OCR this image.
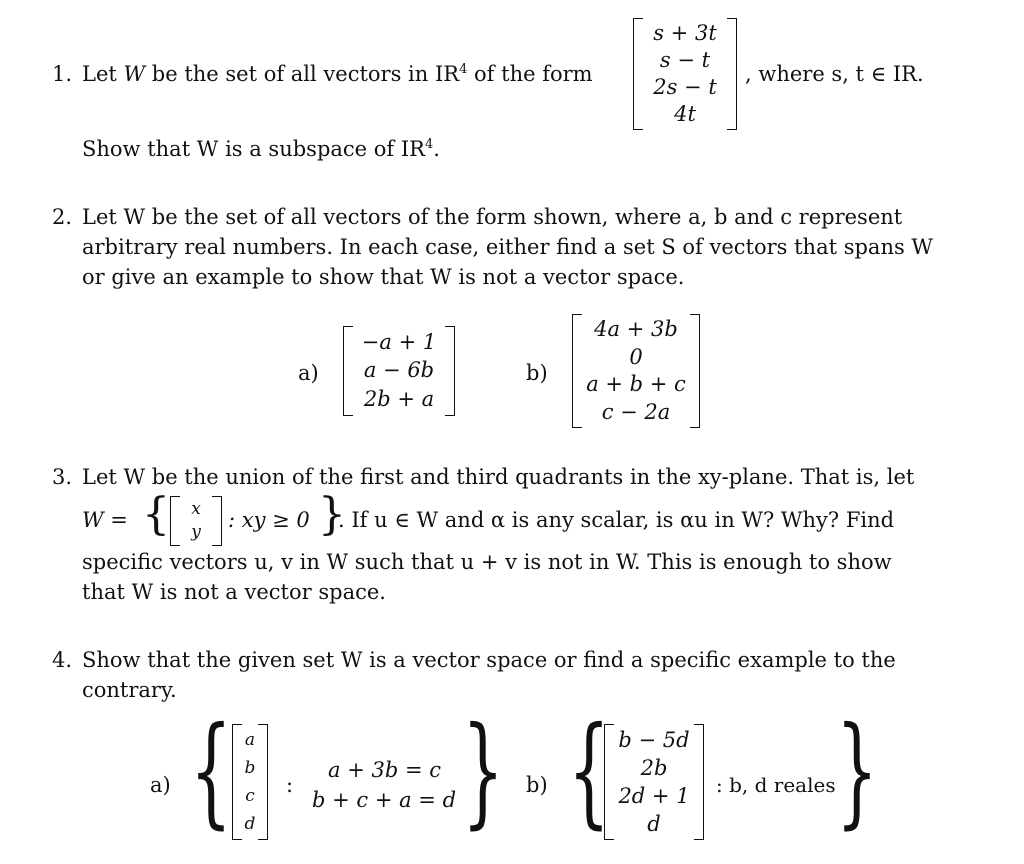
1. Let W be the set of all vectors in $IR^4$ of the form
s + 3t
s − t
2s − t
4t
, where s, t ∈ IR.
Show that W is a subspace of $IR^4$.
2. Let W be the set of all vectors of the form shown, where a, b and c represent
arbitrary real numbers. In each case, either find a set S of vectors that spans W
or give an example to show that W is not a vector space.
a)
−a + 1
a − 6b
2b + a
b)
4a + 3b
0
a + b + c
c − 2a
3. Let W be the union of the first and third quadrants in the xy-plane. That is, let
W = { x
y : xy ≥ 0 }
. If u ∈ W and α is any scalar, is αu in W? Why? Find
specific vectors u, v in W such that u + v is not in W. This is enough to show
that W is not a vector space.
4. Show that the given set W is a vector space or find a specific example to the
contrary.
a) { a
b
c
d
:
a + 3b = c
b + c + a = d } b) { b − 5d
2b
2d + 1
d
: b, d reales }
